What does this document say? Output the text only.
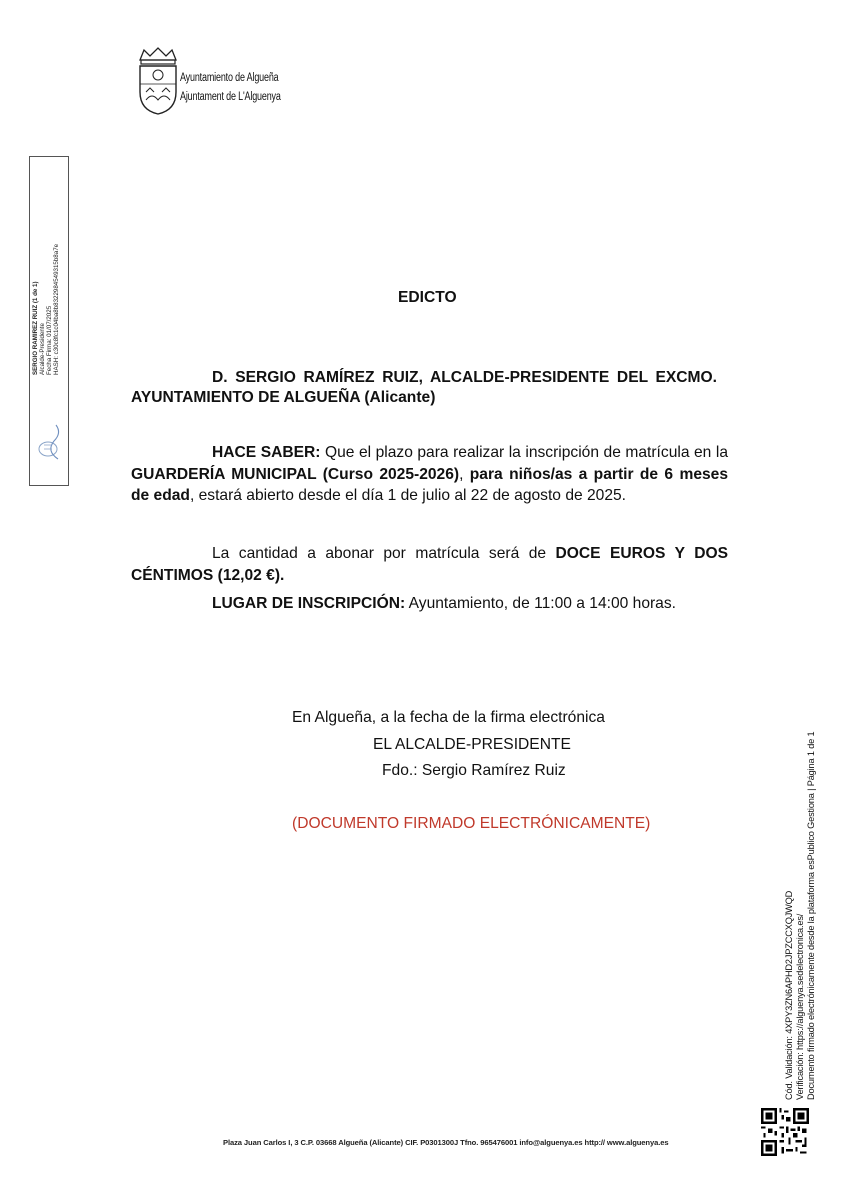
Ayuntamiento de Algueña
Ajuntament de L'Alguenya
SERGIO RAMIREZ RUIZ (1 de 1) Alcalde-Presidente Fecha Firma: 01/07/2025 HASH: c30c8fc1c04ba8b8322984549315b8a7e	EDICTO
D. SERGIO RAMÍREZ RUIZ, ALCALDE-PRESIDENTE DEL EXCMO.
AYUNTAMIENTO DE ALGUEÑA (Alicante)
HACE SABER: Que el plazo para realizar la inscripción de matrícula en la
GUARDERÍA MUNICIPAL (Curso 2025-2026), para niños/as a partir de 6 meses
de edad, estará abierto desde el día 1 de julio al 22 de agosto de 2025.
La cantidad a abonar por matrícula será de DOCE EUROS Y DOS
CÉNTIMOS (12,02 €).
LUGAR DE INSCRIPCIÓN: Ayuntamiento, de 11:00 a 14:00 horas.
En Algueña, a la fecha de la firma electrónica
EL ALCALDE-PRESIDENTE
Fdo.: Sergio Ramírez Ruiz
(DOCUMENTO FIRMADO ELECTRÓNICAMENTE)
Cód. Validación: 4XPY3ZN6APHD2JPZCCXQJWQD Verificación: https://alguenya.sedelectronica.es/ Documento firmado electrónicamente desde la plataforma esPublico Gestiona | Página 1 de 1
Plaza Juan Carlos I, 3 C.P. 03668 Algueña (Alicante) CIF. P0301300J Tfno. 965476001 info@alguenya.es http:// www.alguenya.es
